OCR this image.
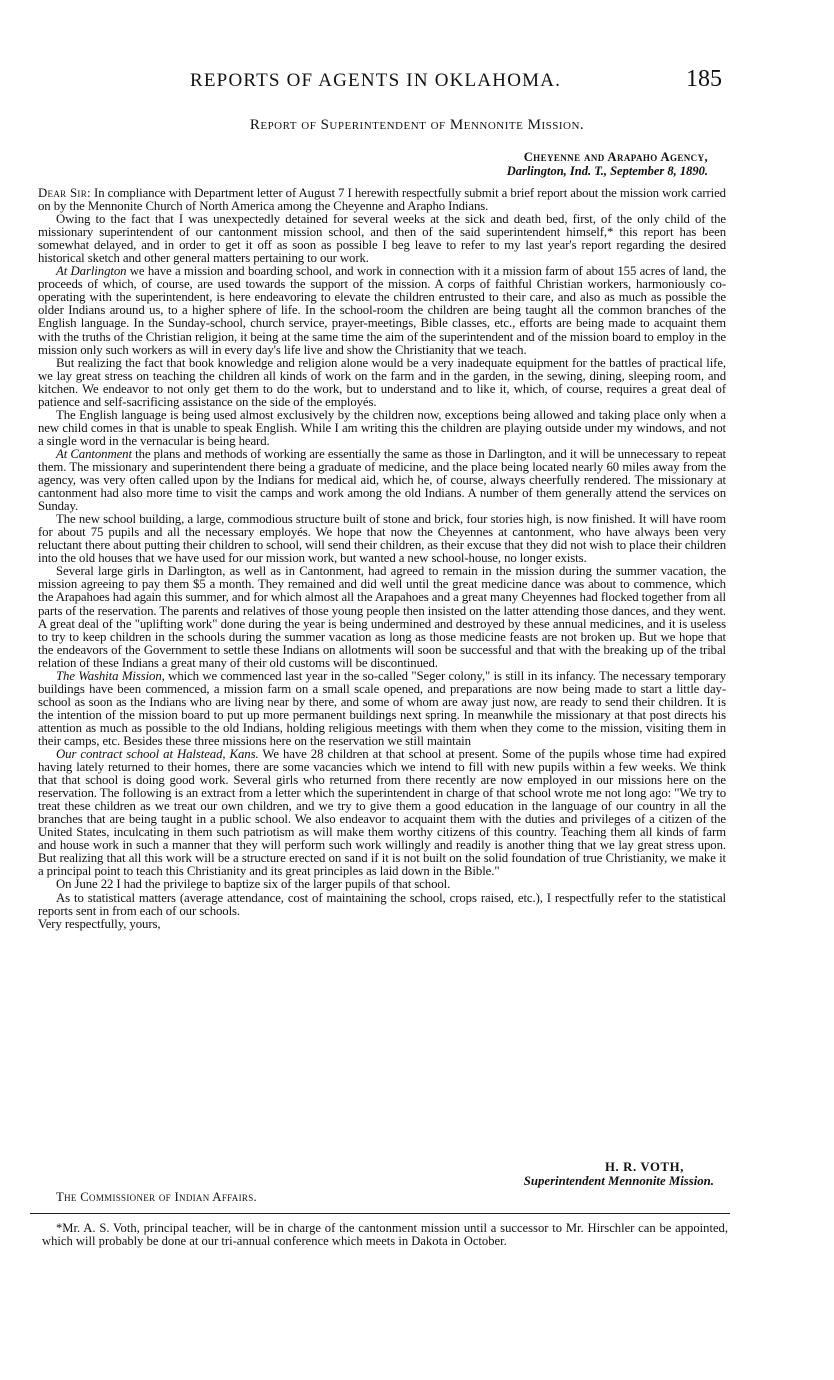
REPORTS OF AGENTS IN OKLAHOMA.	185
Report of Superintendent of Mennonite Mission.
Cheyenne and Arapaho Agency,
Darlington, Ind. T., September 8, 1890.

Dear Sir: In compliance with Department letter of August 7 I herewith respectfully submit a brief report about the mission work carried on by the Mennonite Church of North America among the Cheyenne and Arapho Indians.

Owing to the fact that I was unexpectedly detained for several weeks at the sick and death bed, first, of the only child of the missionary superintendent of our cantonment mission school, and then of the said superintendent himself,* this report has been somewhat delayed, and in order to get it off as soon as possible I beg leave to refer to my last year's report regarding the desired historical sketch and other general matters pertaining to our work.

At Darlington we have a mission and boarding school, and work in connection with it a mission farm of about 155 acres of land, the proceeds of which, of course, are used towards the support of the mission. A corps of faithful Christian workers, harmoniously co-operating with the superintendent, is here endeavoring to elevate the children entrusted to their care, and also as much as possible the older Indians around us, to a higher sphere of life. In the school-room the children are being taught all the common branches of the English language. In the Sunday-school, church service, prayer-meetings, Bible classes, etc., efforts are being made to acquaint them with the truths of the Christian religion, it being at the same time the aim of the superintendent and of the mission board to employ in the mission only such workers as will in every day's life live and show the Christianity that we teach.

But realizing the fact that book knowledge and religion alone would be a very inadequate equipment for the battles of practical life, we lay great stress on teaching the children all kinds of work on the farm and in the garden, in the sewing, dining, sleeping room, and kitchen. We endeavor to not only get them to do the work, but to understand and to like it, which, of course, requires a great deal of patience and self-sacrificing assistance on the side of the employés.

The English language is being used almost exclusively by the children now, exceptions being allowed and taking place only when a new child comes in that is unable to speak English. While I am writing this the children are playing outside under my windows, and not a single word in the vernacular is being heard.

At Cantonment the plans and methods of working are essentially the same as those in Darlington, and it will be unnecessary to repeat them. The missionary and superintendent there being a graduate of medicine, and the place being located nearly 60 miles away from the agency, was very often called upon by the Indians for medical aid, which he, of course, always cheerfully rendered. The missionary at cantonment had also more time to visit the camps and work among the old Indians. A number of them generally attend the services on Sunday.

The new school building, a large, commodious structure built of stone and brick, four stories high, is now finished. It will have room for about 75 pupils and all the necessary employés. We hope that now the Cheyennes at cantonment, who have always been very reluctant there about putting their children to school, will send their children, as their excuse that they did not wish to place their children into the old houses that we have used for our mission work, but wanted a new school-house, no longer exists.

Several large girls in Darlington, as well as in Cantonment, had agreed to remain in the mission during the summer vacation, the mission agreeing to pay them $5 a month. They remained and did well until the great medicine dance was about to commence, which the Arapahoes had again this summer, and for which almost all the Arapahoes and a great many Cheyennes had flocked together from all parts of the reservation. The parents and relatives of those young people then insisted on the latter attending those dances, and they went. A great deal of the "uplifting work" done during the year is being undermined and destroyed by these annual medicines, and it is useless to try to keep children in the schools during the summer vacation as long as those medicine feasts are not broken up. But we hope that the endeavors of the Government to settle these Indians on allotments will soon be successful and that with the breaking up of the tribal relation of these Indians a great many of their old customs will be discontinued.

The Washita Mission, which we commenced last year in the so-called "Seger colony," is still in its infancy. The necessary temporary buildings have been commenced, a mission farm on a small scale opened, and preparations are now being made to start a little day-school as soon as the Indians who are living near by there, and some of whom are away just now, are ready to send their children. It is the intention of the mission board to put up more permanent buildings next spring. In meanwhile the missionary at that post directs his attention as much as possible to the old Indians, holding religious meetings with them when they come to the mission, visiting them in their camps, etc. Besides these three missions here on the reservation we still maintain

Our contract school at Halstead, Kans. We have 28 children at that school at present. Some of the pupils whose time had expired having lately returned to their homes, there are some vacancies which we intend to fill with new pupils within a few weeks. We think that that school is doing good work. Several girls who returned from there recently are now employed in our missions here on the reservation. The following is an extract from a letter which the superintendent in charge of that school wrote me not long ago: "We try to treat these children as we treat our own children, and we try to give them a good education in the language of our country in all the branches that are being taught in a public school. We also endeavor to acquaint them with the duties and privileges of a citizen of the United States, inculcating in them such patriotism as will make them worthy citizens of this country. Teaching them all kinds of farm and house work in such a manner that they will perform such work willingly and readily is another thing that we lay great stress upon. But realizing that all this work will be a structure erected on sand if it is not built on the solid foundation of true Christianity, we make it a principal point to teach this Christianity and its great principles as laid down in the Bible."

On June 22 I had the privilege to baptize six of the larger pupils of that school.

As to statistical matters (average attendance, cost of maintaining the school, crops raised, etc.), I respectfully refer to the statistical reports sent in from each of our schools.

Very respectfully, yours,

H. R. VOTH,
Superintendent Mennonite Mission.
The Commissioner of Indian Affairs.
*Mr. A. S. Voth, principal teacher, will be in charge of the cantonment mission until a successor to Mr. Hirschler can be appointed, which will probably be done at our tri-annual conference which meets in Dakota in October.
